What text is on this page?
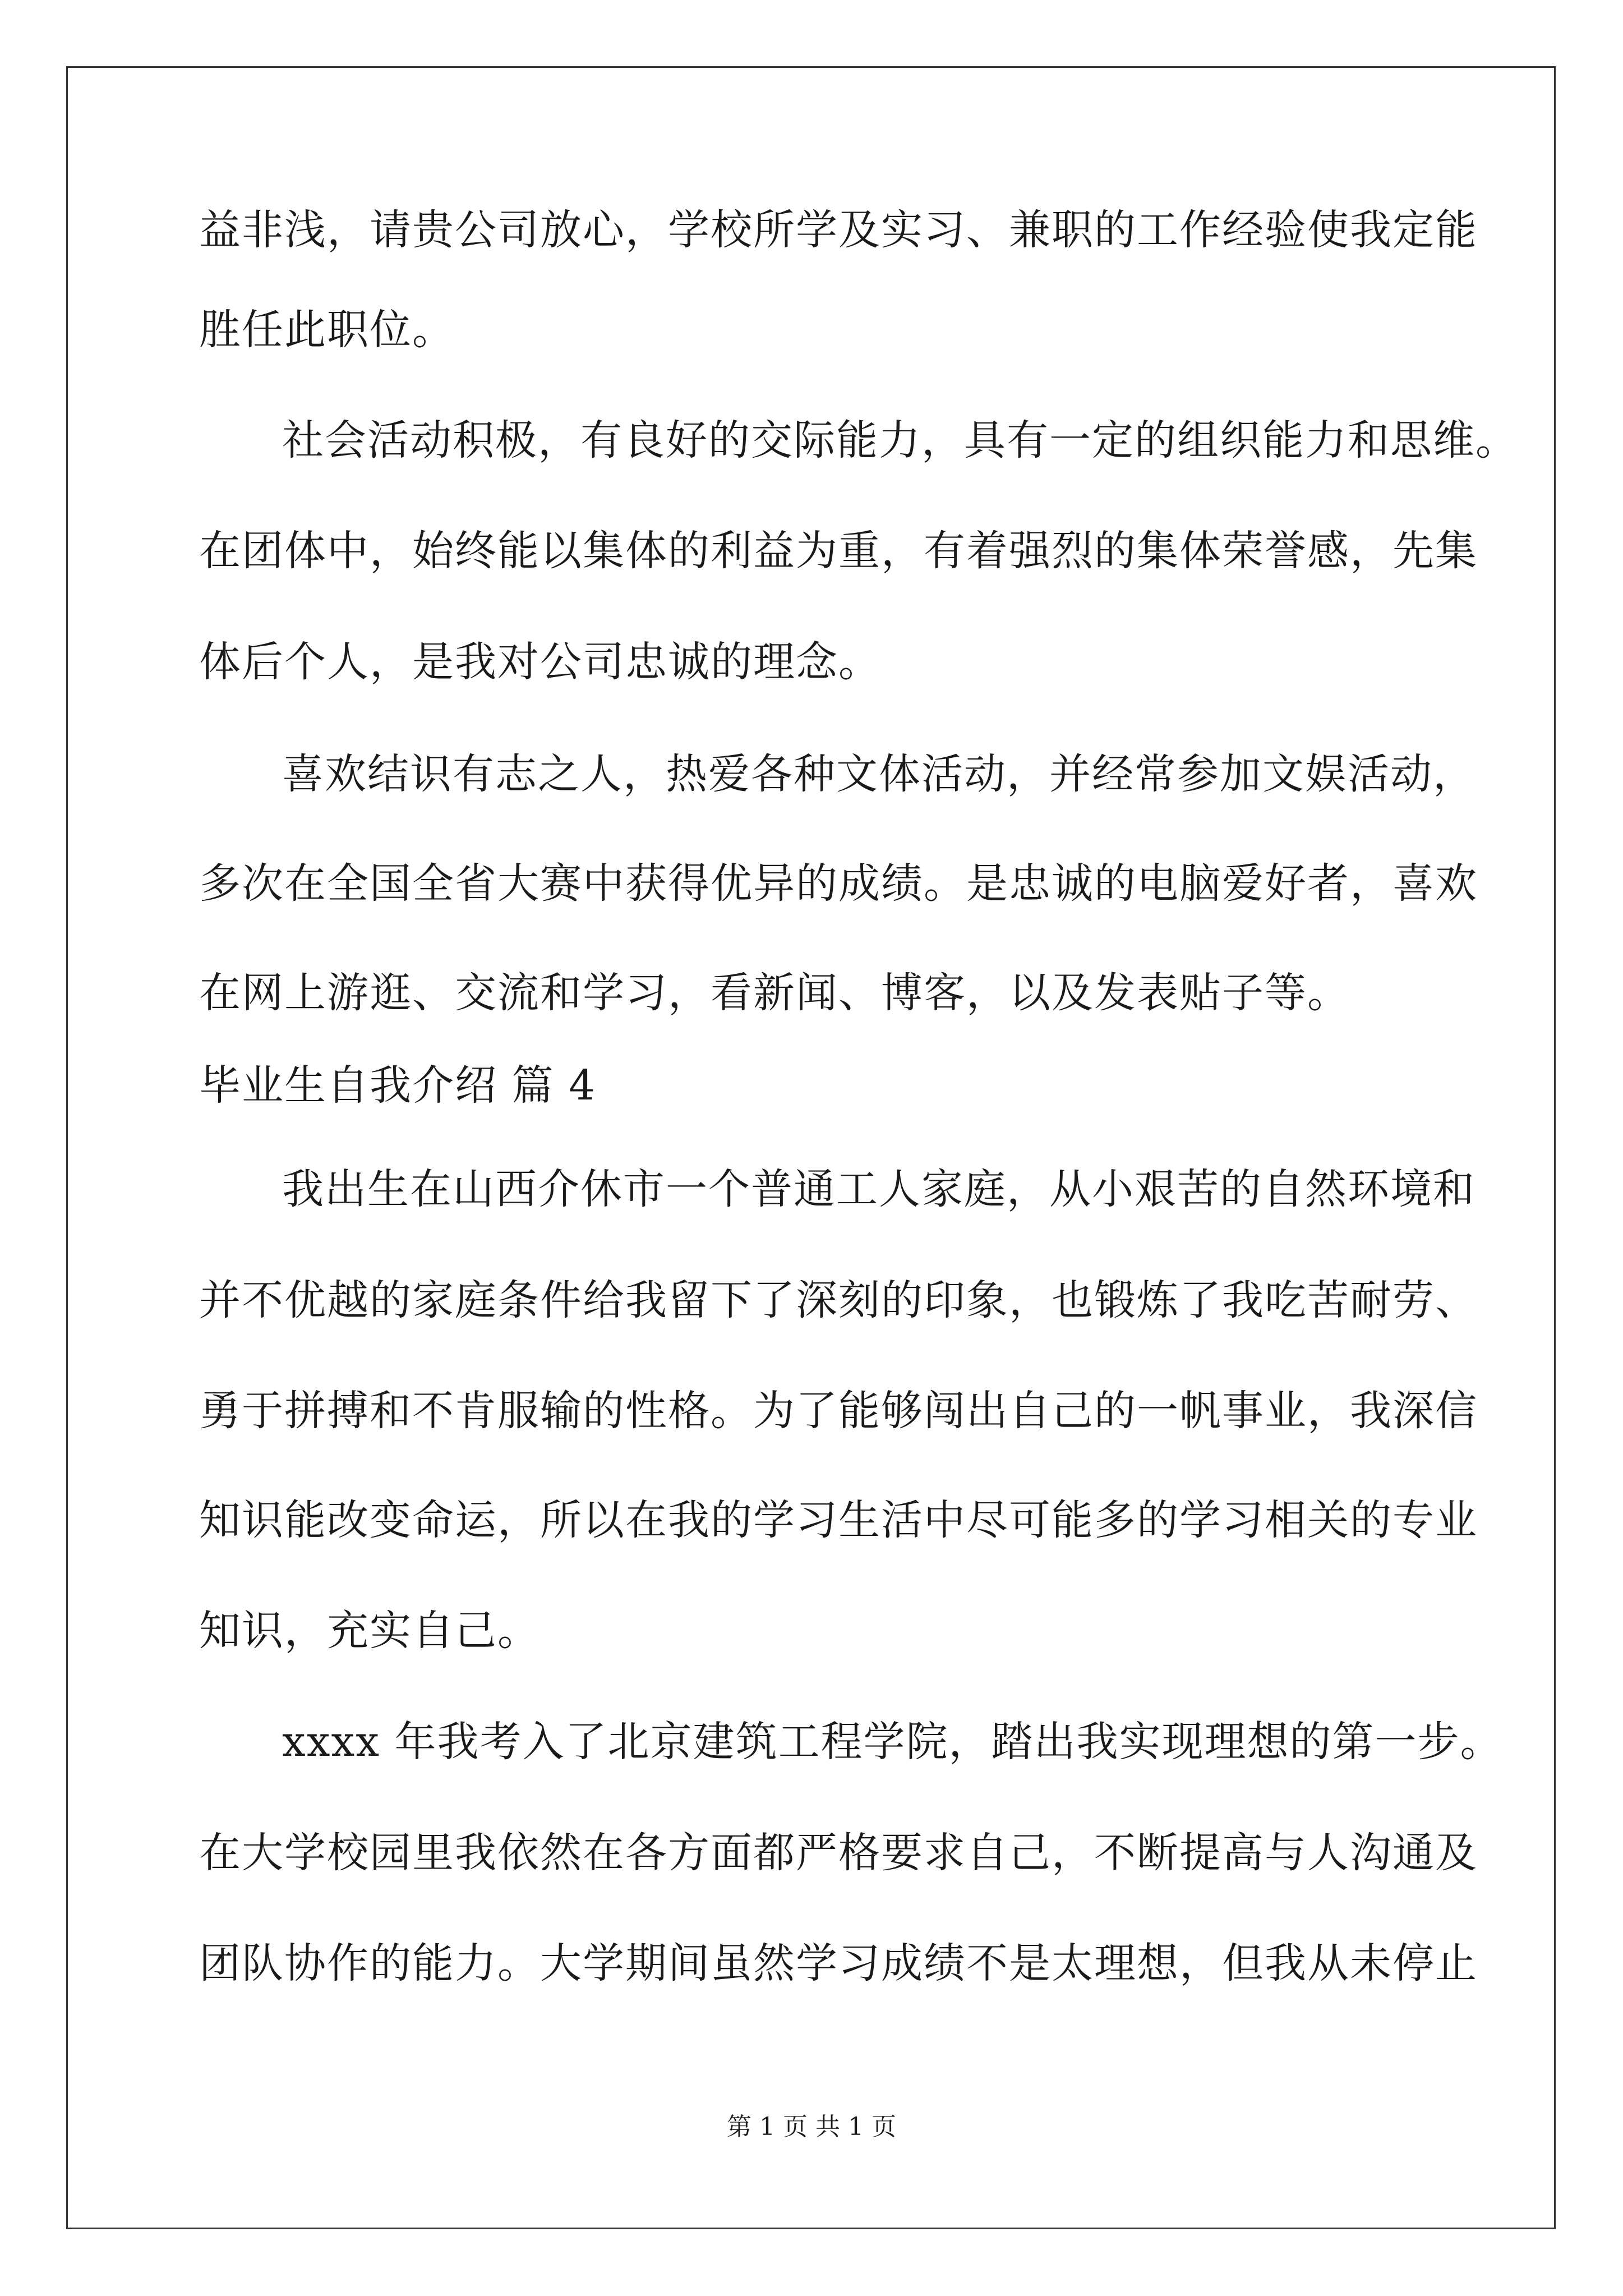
益非浅，请贵公司放心，学校所学及实习、兼职的工作经验使我定能
胜任此职位。
社会活动积极，有良好的交际能力，具有一定的组织能力和思维。
在团体中，始终能以集体的利益为重，有着强烈的集体荣誉感，先集
体后个人，是我对公司忠诚的理念。
喜欢结识有志之人，热爱各种文体活动，并经常参加文娱活动，
多次在全国全省大赛中获得优异的成绩。是忠诚的电脑爱好者，喜欢
在网上游逛、交流和学习，看新闻、博客，以及发表贴子等。
毕业生自我介绍 篇 4
我出生在山西介休市一个普通工人家庭，从小艰苦的自然环境和
并不优越的家庭条件给我留下了深刻的印象，也锻炼了我吃苦耐劳、
勇于拼搏和不肯服输的性格。为了能够闯出自己的一帆事业，我深信
知识能改变命运，所以在我的学习生活中尽可能多的学习相关的专业
知识，充实自己。
xxxx 年我考入了北京建筑工程学院，踏出我实现理想的第一步。
在大学校园里我依然在各方面都严格要求自己，不断提高与人沟通及
团队协作的能力。大学期间虽然学习成绩不是太理想，但我从未停止
第 1 页 共 1 页
